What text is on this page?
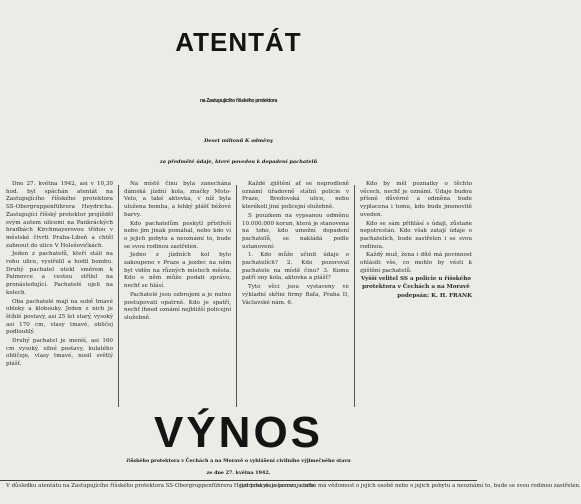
ATENTÁT
na Zastupujícího říšského protektora
Deset milionů K odměny
za předměté údaje, které povedou k dopadení pachatelů

Dne 27. května 1942, asi v 10,30 hod. byl spáchán atentát na Zastupujícího říšského protektora SS-Obergruppenführera Heydricha. Zastupující říšský protektor projížděl svým autem ulicemi na Pankráckých hradbách Kirchmayerovou třídou v městské čtvrti Praha-Libeň a chtěl zahnout do ulice V Holešovičkách.

Jeden z pachatelů, kteří stáli na rohu ulice, vystřelil a hodil bombu. Druhý pachatel utekl směrem k Palmovce a cestou střílel na pronásledující. Pachatelé ujeli na kolech.

Oba pachatelé mají na sobě tmavé obleky a klobouky. Jeden z nich je štíhlé postavy, asi 25 let starý, vysoký asi 170 cm, vlasy tmavé, obličej podlouhlý.

Druhý pachatel je menší, asi 160 cm vysoký, silné postavy, kulatého obličeje, vlasy tmavé, nosil světlý plášť.

Na místě činu byla zanechána dámská jízdní kola, značky Moto-Velo, a také aktovka, v níž byla uložena bomba, a lehký plášť béžové barvy.

Kdo pachatelům poskytl přístřeší nebo jim jinak pomáhal, nebo kdo ví o jejich pobytu a neoznámí to, bude se svou rodinou zastřelen.

Jedno z jízdních kol bylo zakoupeno v Praze a jezdec na něm byl viděn na různých místech města. Kdo o něm může podati zprávu, nechť se hlásí.

Pachatelé jsou ozbrojeni a je nutno postupovati opatrně. Kdo je spatří, nechť ihned oznámí nejbližší policejní služebně.

Každé zjištění ať se neprodleně oznámí úřadovně státní policie v Praze, Bredovská ulice, nebo kterékoli jiné policejní služebně.

S pouzkem na vypsanou odměnu 10.000.000 korun, která je stanovena na toho, kdo umožní dopadení pachatelů, se nakládá podle ustanovení:

1. Kdo může učinit údaje o pachatelích? 2. Kdo pozoroval pachatele na místě činu? 3. Komu patří ony kola, aktovka a plášť?

Tyto věci jsou vystaveny ve výkladní skříni firmy Baťa, Praha II, Václavské nám. 6.

Kdo by měl poznatky o těchto věcech, nechť je oznámí. Údaje budou přísně důvěrné a odměna bude vyplacena i tomu, kdo bude jmenovitě uveden.

Kdo se sám přihlásí s údaji, zůstane nepotrestán. Kdo však zatají údaje o pachatelích, bude zastřelen i se svou rodinou.

Každý muž, žena i dítě má povinnost ohlásiti vše, co mohlo by vésti k zjištění pachatelů.

Vyšší velitel SS a policie u říšského protektora v Čechách a na Moravě

podepsán: K. H. FRANK

VÝNOS
říšského protektora v Čechách a na Moravě o vyhlášení civilního výjimečného stavu
ze dne 27. května 1942.
V důsledku atentátu na Zastupujícího říšského protektora SS-Obergruppenführera Heydricha se ustanovuje toto:
jim poskytuje pomoc, anebo má vědomost o jejich osobě nebo o jejich pobytu a neoznámí to, bude se svou rodinou zastřelen.
